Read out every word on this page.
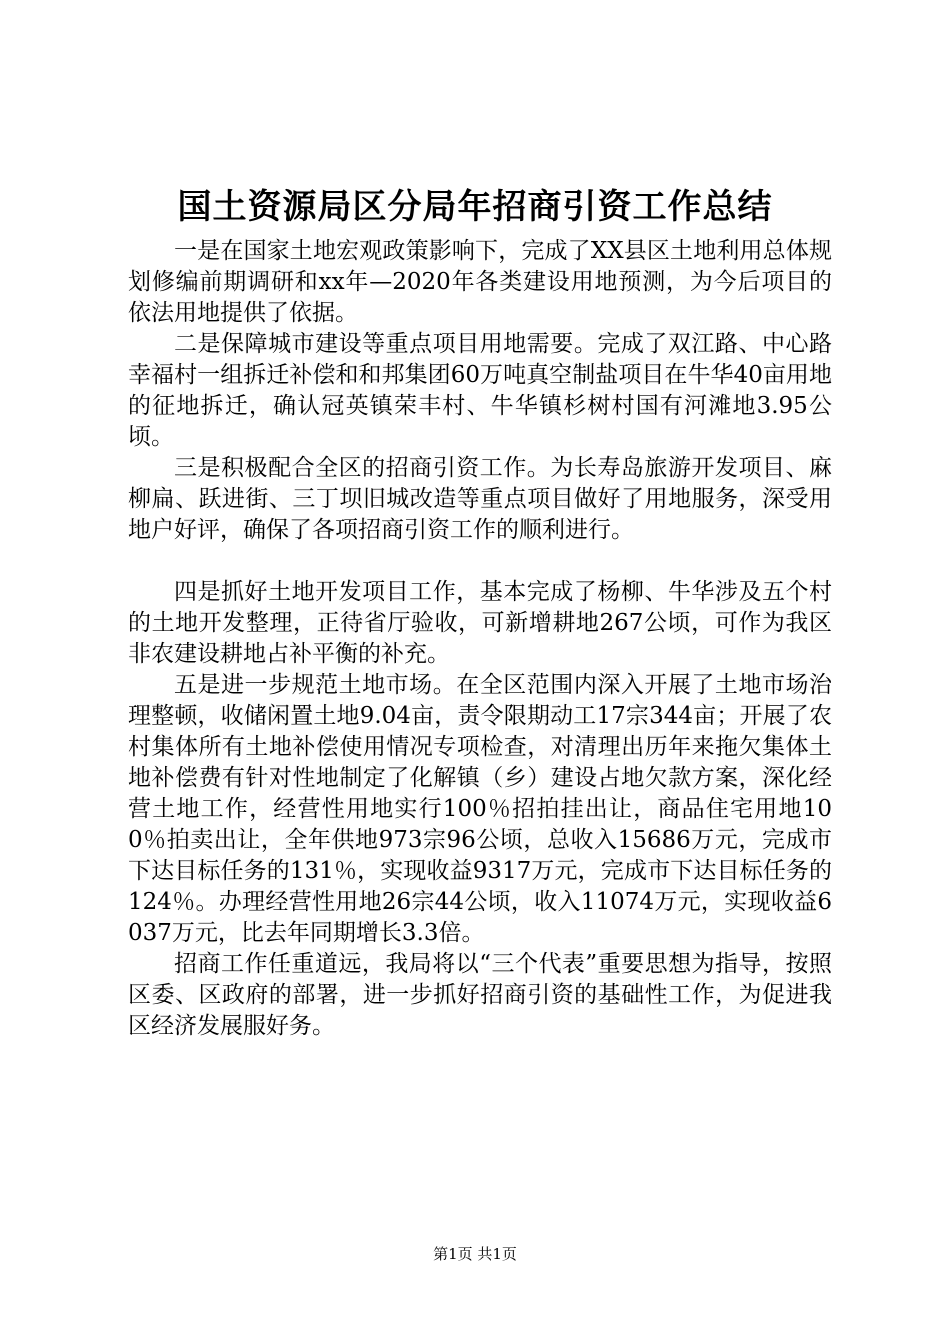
国土资源局区分局年招商引资工作总结

一是在国家土地宏观政策影响下，完成了XX县区土地利用总体规划修编前期调研和xx年—2020年各类建设用地预测，为今后项目的依法用地提供了依据。

二是保障城市建设等重点项目用地需要。完成了双江路、中心路幸福村一组拆迁补偿和和邦集团60万吨真空制盐项目在牛华40亩用地的征地拆迁，确认冠英镇荣丰村、牛华镇杉树村国有河滩地3.95公顷。

三是积极配合全区的招商引资工作。为长寿岛旅游开发项目、麻柳扁、跃进街、三丁坝旧城改造等重点项目做好了用地服务，深受用地户好评，确保了各项招商引资工作的顺利进行。

四是抓好土地开发项目工作，基本完成了杨柳、牛华涉及五个村的土地开发整理，正待省厅验收，可新增耕地267公顷，可作为我区非农建设耕地占补平衡的补充。

五是进一步规范土地市场。在全区范围内深入开展了土地市场治理整顿，收储闲置土地9.04亩，责令限期动工17宗344亩；开展了农村集体所有土地补偿使用情况专项检查，对清理出历年来拖欠集体土地补偿费有针对性地制定了化解镇（乡）建设占地欠款方案，深化经营土地工作，经营性用地实行100％招拍挂出让，商品住宅用地100％拍卖出让，全年供地973宗96公顷，总收入15686万元，完成市下达目标任务的131％，实现收益9317万元，完成市下达目标任务的124％。办理经营性用地26宗44公顷，收入11074万元，实现收益6037万元，比去年同期增长3.3倍。

招商工作任重道远，我局将以“三个代表”重要思想为指导，按照区委、区政府的部署，进一步抓好招商引资的基础性工作，为促进我区经济发展服好务。

第1页 共1页
